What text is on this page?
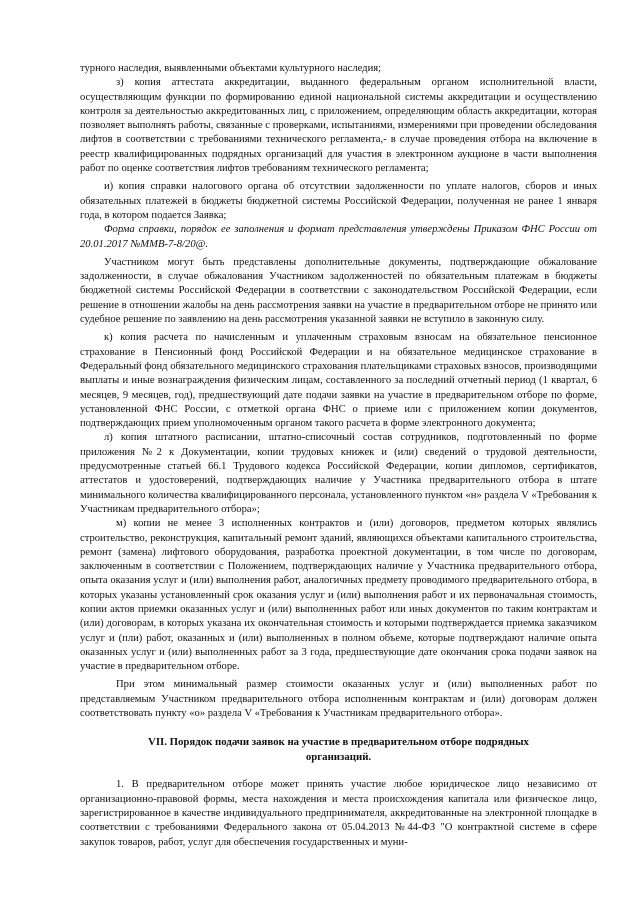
турного наследия, выявленными объектами культурного наследия;

з) копия аттестата аккредитации, выданного федеральным органом исполнительной власти, осуществляющим функции по формированию единой национальной системы аккредитации и осуществлению контроля за деятельностью аккредитованных лиц, с приложением, определяющим область аккредитации, которая позволяет выполнять работы, связанные с проверками, испытаниями, измерениями при проведении обследования лифтов в соответствии с требованиями технического регламента,- в случае проведения отбора на включение в реестр квалифицированных подрядных организаций для участия в электронном аукционе в части выполнения работ по оценке соответствия лифтов требованиям технического регламента;

и) копия справки налогового органа об отсутствии задолженности по уплате налогов, сборов и иных обязательных платежей в бюджеты бюджетной системы Российской Федерации, полученная не ранее 1 января года, в котором подается Заявка;

Форма справки, порядок ее заполнения и формат представления утверждены Приказом ФНС России от 20.01.2017 №ММВ-7-8/20@.

Участником могут быть представлены дополнительные документы, подтверждающие обжалование задолженности, в случае обжалования Участником задолженностей по обязательным платежам в бюджеты бюджетной системы Российской Федерации в соответствии с законодательством Российской Федерации, если решение в отношении жалобы на день рассмотрения заявки на участие в предварительном отборе не принято или судебное решение по заявлению на день рассмотрения указанной заявки не вступило в законную силу.

к) копия расчета по начисленным и уплаченным страховым взносам на обязательное пенсионное страхование в Пенсионный фонд Российской Федерации и на обязательное медицинское страхование в Федеральный фонд обязательного медицинского страхования плательщиками страховых взносов, производящими выплаты и иные вознаграждения физическим лицам, составленного за последний отчетный период (1 квартал, 6 месяцев, 9 месяцев, год), предшествующий дате подачи заявки на участие в предварительном отборе по форме, установленной ФНС России, с отметкой органа ФНС о приеме или с приложением копии документов, подтверждающих прием уполномоченным органом такого расчета в форме электронного документа;

л) копия штатного расписании, штатно-списочный состав сотрудников, подготовленный по форме приложения №2 к Документации, копии трудовых книжек и (или) сведений о трудовой деятельности, предусмотренные статьей 66.1 Трудового кодекса Российской Федерации, копии дипломов, сертификатов, аттестатов и удостоверений, подтверждающих наличие у Участника предварительного отбора в штате минимального количества квалифицированного персонала, установленного пунктом «н» раздела V «Требования к Участникам предварительного отбора»;

м) копии не менее 3 исполненных контрактов и (или) договоров, предметом которых являлись строительство, реконструкция, капитальный ремонт зданий, являющихся объектами капитального строительства, ремонт (замена) лифтового оборудования, разработка проектной документации, в том числе по договорам, заключенным в соответствии с Положением, подтверждающих наличие у Участника предварительного отбора, опыта оказания услуг и (или) выполнения работ, аналогичных предмету проводимого предварительного отбора, в которых указаны установленный срок оказания услуг и (или) выполнения работ и их первоначальная стоимость, копии актов приемки оказанных услуг и (или) выполненных работ или иных документов по таким контрактам и (или) договорам, в которых указана их окончательная стоимость и которыми подтверждается приемка заказчиком услуг и (пли) работ, оказанных и (или) выполненных в полном объеме, которые подтверждают наличие опыта оказанных услуг и (или) выполненных работ за 3 года, предшествующие дате окончания срока подачи заявок на участие в предварительном отборе.

При этом минимальный размер стоимости оказанных услуг и (или) выполненных работ по представляемым Участником предварительного отбора исполненным контрактам и (или) договорам должен соответствовать пункту «о» раздела V «Требования к Участникам предварительного отбора».

VII. Порядок подачи заявок на участие в предварительном отборе подрядных организаций.

1. В предварительном отборе может принять участие любое юридическое лицо независимо от организационно-правовой формы, места нахождения и места происхождения капитала или физическое лицо, зарегистрированное в качестве индивидуального предпринимателя, аккредитованные на электронной площадке в соответствии с требованиями Федерального закона от 05.04.2013 №44-ФЗ "О контрактной системе в сфере закупок товаров, работ, услуг для обеспечения государственных и муни-
